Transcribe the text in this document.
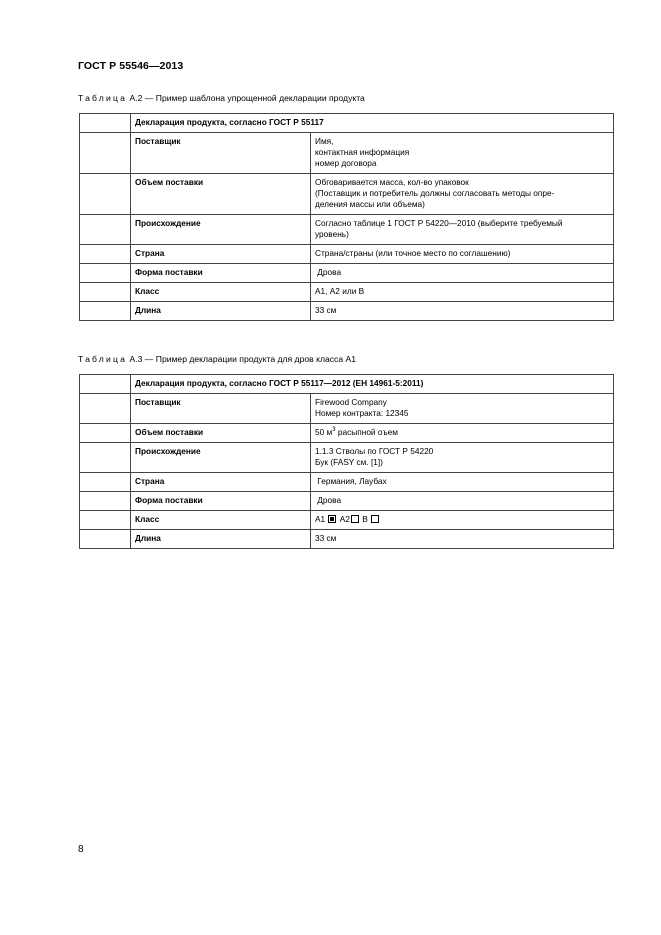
ГОСТ Р 55546—2013
Таблица А.2 — Пример шаблона упрощенной декларации продукта
	Декларация продукта, согласно ГОСТ Р 55117	
	Поставщик	Имя,
контактная информация
номер договора

	Объем поставки	Обговаривается масса, кол-во упаковок
(Поставщик и потребитель должны согласовать методы опре-
деления массы или объема)

	Происхождение	Согласно таблице 1 ГОСТ Р 54220—2010 (выберите требуемый
уровень)

	Страна	Страна/страны (или точное место по соглашению)
	Форма поставки	Дрова
	Класс	А1, А2 или В
	Длина	33 см
Таблица А.3 — Пример декларации продукта для дров класса А1
	Декларация продукта, согласно ГОСТ Р 55117—2012 (ЕН 14961-5:2011)	
	Поставщик	Firewood Company
Номер контракта: 12345

	Объем поставки	50 $м^3$ расыпной оъем
	Происхождение	1.1.3 Стволы по ГОСТ Р 54220
Бук (FASY см. [1])

	Страна	Германия, Лаубах
	Форма поставки	Дрова
	Класс	А1 А2 В
	Длина	33 см
8
